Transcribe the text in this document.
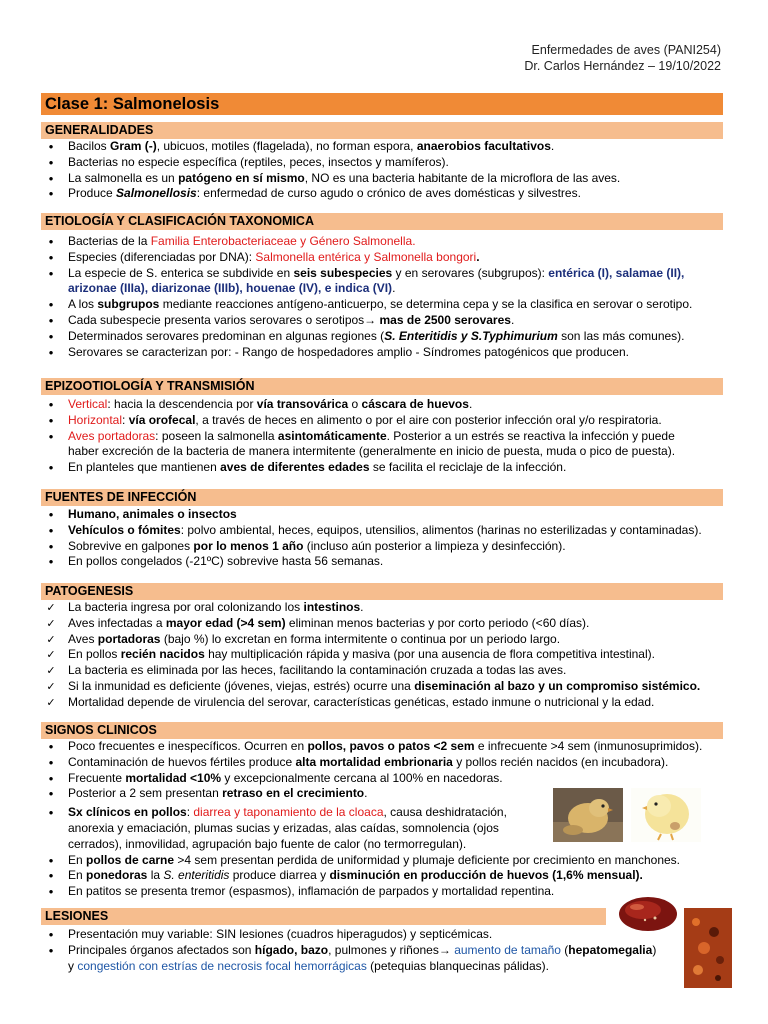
Enfermedades de aves (PANI254)
Dr. Carlos Hernández – 19/10/2022
Clase 1: Salmonelosis
GENERALIDADES
•
Bacilos Gram (-), ubicuos, motiles (flagelada), no forman espora, anaerobios facultativos.
•
Bacterias no especie específica (reptiles, peces, insectos y mamíferos).
•
La salmonella es un patógeno en sí mismo, NO es una bacteria habitante de la microflora de las aves.
•
Produce Salmonellosis: enfermedad de curso agudo o crónico de aves domésticas y silvestres.
ETIOLOGÍA Y CLASIFICACIÓN TAXONOMICA
•
Bacterias de la Familia Enterobacteriaceae y Género Salmonella.
•
Especies (diferenciadas por DNA): Salmonella entérica y Salmonella bongori.
•
La especie de S. enterica se subdivide en seis subespecies y en serovares (subgrupos): entérica (I), salamae (II),
arizonae (IIIa), diarizonae (IIIb), houenae (IV), e indica (VI).
•
A los subgrupos mediante reacciones antígeno-anticuerpo, se determina cepa y se la clasifica en serovar o serotipo.
•
Cada subespecie presenta varios serovares o serotipos→ mas de 2500 serovares.
•
Determinados serovares predominan en algunas regiones (S. Enteritidis y S.Typhimurium son las más comunes).
•
Serovares se caracterizan por: - Rango de hospedadores amplio - Síndromes patogénicos que producen.
EPIZOOTIOLOGÍA Y TRANSMISIÓN
•
Vertical: hacia la descendencia por vía transovárica o cáscara de huevos.
•
Horizontal: vía orofecal, a través de heces en alimento o por el aire con posterior infección oral y/o respiratoria.
•
Aves portadoras: poseen la salmonella asintomáticamente. Posterior a un estrés se reactiva la infección y puede
haber excreción de la bacteria de manera intermitente (generalmente en inicio de puesta, muda o pico de puesta).
•
En planteles que mantienen aves de diferentes edades se facilita el reciclaje de la infección.
FUENTES DE INFECCIÓN
•
Humano, animales o insectos
•
Vehículos o fómites: polvo ambiental, heces, equipos, utensilios, alimentos (harinas no esterilizadas y contaminadas).
•
Sobrevive en galpones por lo menos 1 año (incluso aún posterior a limpieza y desinfección).
•
En pollos congelados (-21ºC) sobrevive hasta 56 semanas.
PATOGENESIS
✓
La bacteria ingresa por oral colonizando los intestinos.
✓
Aves infectadas a mayor edad (>4 sem) eliminan menos bacterias y por corto periodo (<60 días).
✓
Aves portadoras (bajo %) lo excretan en forma intermitente o continua por un periodo largo.
✓
En pollos recién nacidos hay multiplicación rápida y masiva (por una ausencia de flora competitiva intestinal).
✓
La bacteria es eliminada por las heces, facilitando la contaminación cruzada a todas las aves.
✓
Si la inmunidad es deficiente (jóvenes, viejas, estrés) ocurre una diseminación al bazo y un compromiso sistémico.
✓
Mortalidad depende de virulencia del serovar, características genéticas, estado inmune o nutricional y la edad.
SIGNOS CLINICOS
•
Poco frecuentes e inespecíficos. Ocurren en pollos, pavos o patos <2 sem e infrecuente >4 sem (inmunosuprimidos).
•
Contaminación de huevos fértiles produce alta mortalidad embrionaria y pollos recién nacidos (en incubadora).
•
Frecuente mortalidad <10% y excepcionalmente cercana al 100% en nacedoras.
•
Posterior a 2 sem presentan retraso en el crecimiento.
•
Sx clínicos en pollos: diarrea y taponamiento de la cloaca, causa deshidratación,
anorexia y emaciación, plumas sucias y erizadas, alas caídas, somnolencia (ojos
cerrados), inmovilidad, agrupación bajo fuente de calor (no termorregulan).
•
En pollos de carne >4 sem presentan perdida de uniformidad y plumaje deficiente por crecimiento en manchones.
•
En ponedoras la S. enteritidis produce diarrea y disminución en producción de huevos (1,6% mensual).
•
En patitos se presenta tremor (espasmos), inflamación de parpados y mortalidad repentina.
LESIONES
•
Presentación muy variable: SIN lesiones (cuadros hiperagudos) y septicémicas.
•
Principales órganos afectados son hígado, bazo, pulmones y riñones→ aumento de tamaño (hepatomegalia)
y congestión con estrías de necrosis focal hemorrágicas (petequias blanquecinas pálidas).
